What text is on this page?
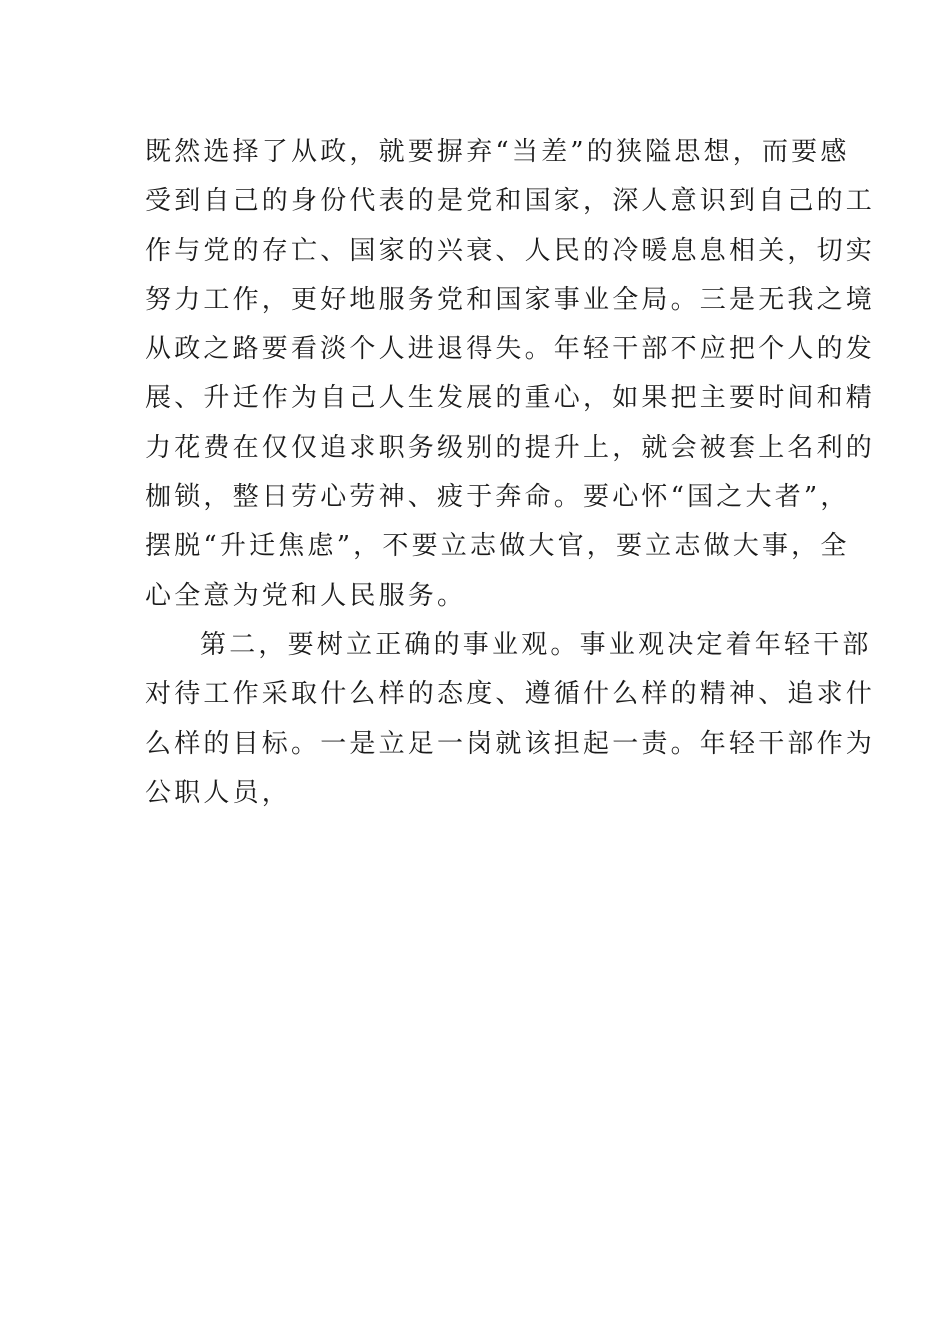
既然选择了从政，就要摒弃“当差”的狭隘思想，而要感
受到自己的身份代表的是党和国家，深人意识到自己的工
作与党的存亡、国家的兴衰、人民的冷暖息息相关，切实
努力工作，更好地服务党和国家事业全局。三是无我之境
从政之路要看淡个人进退得失。年轻干部不应把个人的发
展、升迁作为自己人生发展的重心，如果把主要时间和精
力花费在仅仅追求职务级别的提升上，就会被套上名利的
枷锁，整日劳心劳神、疲于奔命。要心怀“国之大者”，
摆脱“升迁焦虑”，不要立志做大官，要立志做大事，全
心全意为党和人民服务。
第二，要树立正确的事业观。事业观决定着年轻干部
对待工作采取什么样的态度、遵循什么样的精神、追求什
么样的目标。一是立足一岗就该担起一责。年轻干部作为
公职人员，
